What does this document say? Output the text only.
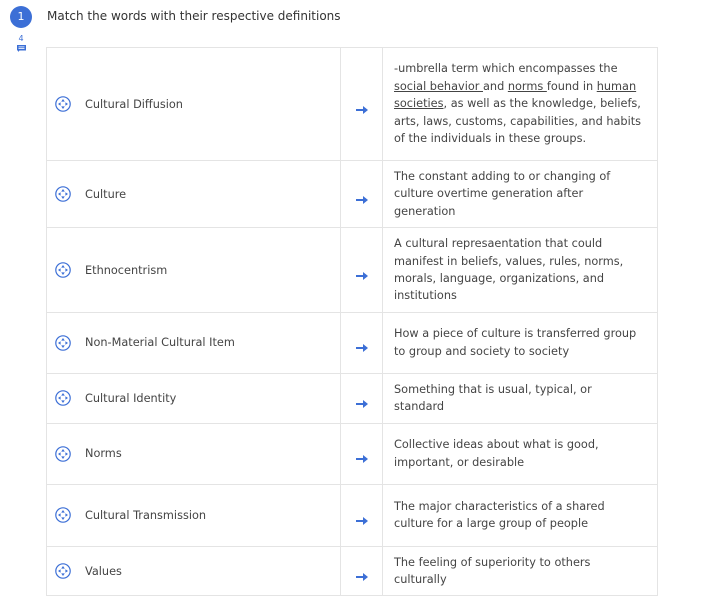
1
4
Match the words with their respective definitions
Cultural Diffusion		-umbrella term which encompasses the social behavior and norms found in human societies, as well as the knowledge, beliefs, arts, laws, customs, capabilities, and habits of the individuals in these groups.

Culture		The constant adding to or changing of culture overtime generation after generation

Ethnocentrism		A cultural represaentation that could manifest in beliefs, values, rules, norms, morals, language, organizations, and institutions

Non-Material Cultural Item		How a piece of culture is transferred group to group and society to society

Cultural Identity		Something that is usual, typical, or standard

Norms		Collective ideas about what is good, important, or desirable

Cultural Transmission		The major characteristics of a shared culture for a large group of people

Values		The feeling of superiority to others culturally
